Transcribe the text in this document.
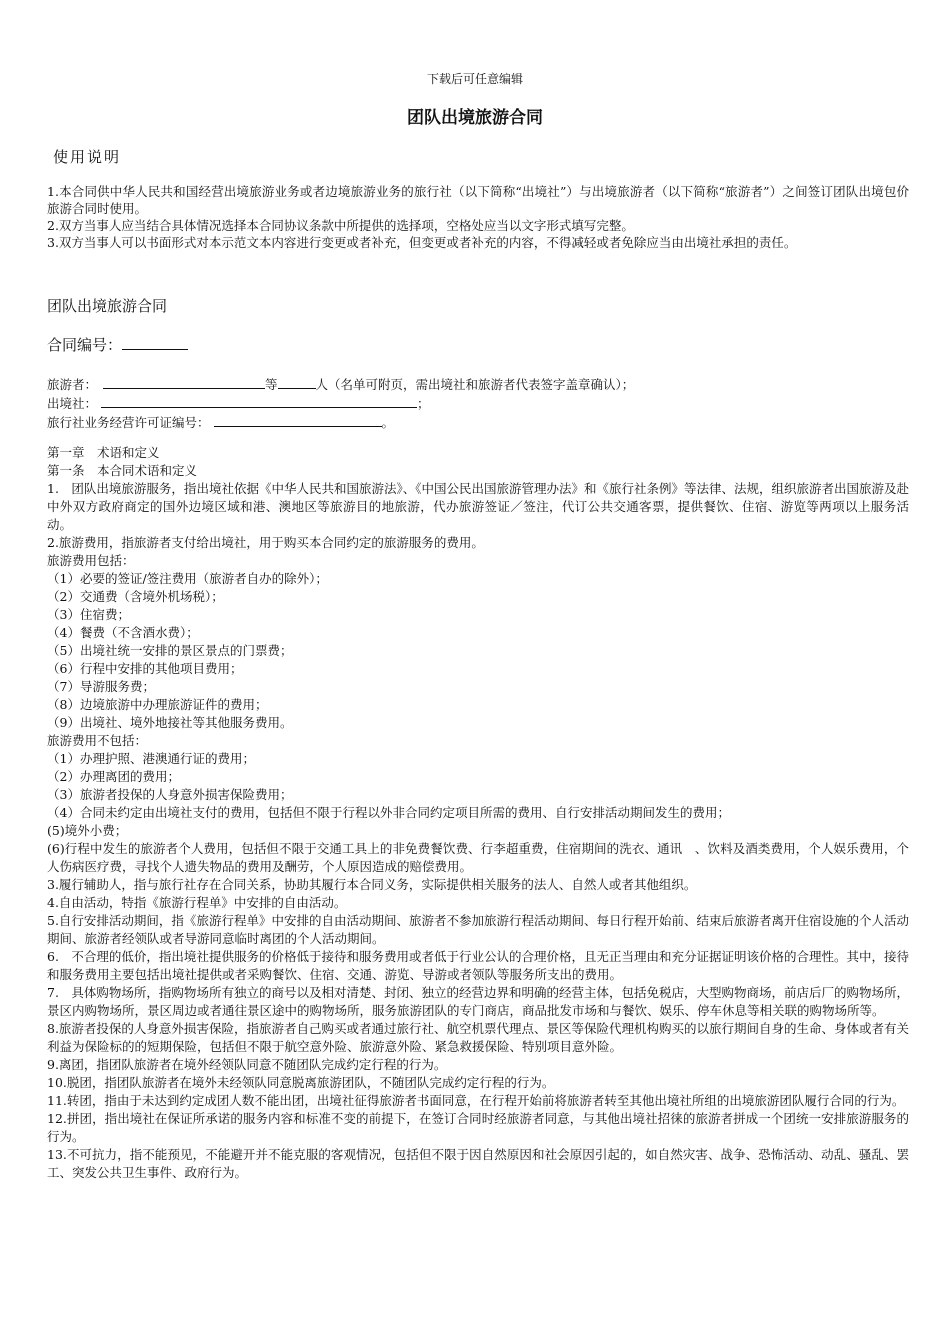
下载后可任意编辑
团队出境旅游合同
使用说明

1.本合同供中华人民共和国经营出境旅游业务或者边境旅游业务的旅行社（以下简称“出境社”）与出境旅游者（以下简称“旅游者”）之间签订团队出境包价旅游合同时使用。

2.双方当事人应当结合具体情况选择本合同协议条款中所提供的选择项，空格处应当以文字形式填写完整。

3.双方当事人可以书面形式对本示范文本内容进行变更或者补充，但变更或者补充的内容，不得减轻或者免除应当由出境社承担的责任。

团队出境旅游合同
合同编号：

旅游者：	等	人（名单可附页，需出境社和旅游者代表签字盖章确认）；

出境社：	；

旅行社业务经营许可证编号：	。

第一章　术语和定义

第一条　本合同术语和定义

1.　团队出境旅游服务，指出境社依据《中华人民共和国旅游法》、《中国公民出国旅游管理办法》和《旅行社条例》等法律、法规，组织旅游者出国旅游及赴中外双方政府商定的国外边境区域和港、澳地区等旅游目的地旅游，代办旅游签证／签注，代订公共交通客票，提供餐饮、住宿、游览等两项以上服务活动。

2.旅游费用，指旅游者支付给出境社，用于购买本合同约定的旅游服务的费用。

旅游费用包括：

（1）必要的签证/签注费用（旅游者自办的除外）；

（2）交通费（含境外机场税）；

（3）住宿费；

（4）餐费（不含酒水费）；

（5）出境社统一安排的景区景点的门票费；

（6）行程中安排的其他项目费用；

（7）导游服务费；

（8）边境旅游中办理旅游证件的费用；

（9）出境社、境外地接社等其他服务费用。

旅游费用不包括：

（1）办理护照、港澳通行证的费用；

（2）办理离团的费用；

（3）旅游者投保的人身意外损害保险费用；

（4）合同未约定由出境社支付的费用，包括但不限于行程以外非合同约定项目所需的费用、自行安排活动期间发生的费用；

(5)境外小费；

(6)行程中发生的旅游者个人费用，包括但不限于交通工具上的非免费餐饮费、行李超重费，住宿期间的洗衣、通讯　、饮料及酒类费用，个人娱乐费用，个人伤病医疗费，寻找个人遗失物品的费用及酬劳，个人原因造成的赔偿费用。

3.履行辅助人，指与旅行社存在合同关系，协助其履行本合同义务，实际提供相关服务的法人、自然人或者其他组织。

4.自由活动，特指《旅游行程单》中安排的自由活动。

5.自行安排活动期间，指《旅游行程单》中安排的自由活动期间、旅游者不参加旅游行程活动期间、每日行程开始前、结束后旅游者离开住宿设施的个人活动期间、旅游者经领队或者导游同意临时离团的个人活动期间。

6.　不合理的低价，指出境社提供服务的价格低于接待和服务费用或者低于行业公认的合理价格，且无正当理由和充分证据证明该价格的合理性。其中，接待和服务费用主要包括出境社提供或者采购餐饮、住宿、交通、游览、导游或者领队等服务所支出的费用。

7.　具体购物场所，指购物场所有独立的商号以及相对清楚、封闭、独立的经营边界和明确的经营主体，包括免税店，大型购物商场，前店后厂的购物场所，景区内购物场所，景区周边或者通往景区途中的购物场所，服务旅游团队的专门商店，商品批发市场和与餐饮、娱乐、停车休息等相关联的购物场所等。

8.旅游者投保的人身意外损害保险，指旅游者自己购买或者通过旅行社、航空机票代理点、景区等保险代理机构购买的以旅行期间自身的生命、身体或者有关利益为保险标的的短期保险，包括但不限于航空意外险、旅游意外险、紧急救援保险、特别项目意外险。

9.离团，指团队旅游者在境外经领队同意不随团队完成约定行程的行为。

10.脱团，指团队旅游者在境外未经领队同意脱离旅游团队，不随团队完成约定行程的行为。

11.转团，指由于未达到约定成团人数不能出团，出境社征得旅游者书面同意，在行程开始前将旅游者转至其他出境社所组的出境旅游团队履行合同的行为。

12.拼团，指出境社在保证所承诺的服务内容和标准不变的前提下，在签订合同时经旅游者同意，与其他出境社招徕的旅游者拼成一个团统一安排旅游服务的行为。

13.不可抗力，指不能预见，不能避开并不能克服的客观情况，包括但不限于因自然原因和社会原因引起的，如自然灾害、战争、恐怖活动、动乱、骚乱、罢工、突发公共卫生事件、政府行为。
